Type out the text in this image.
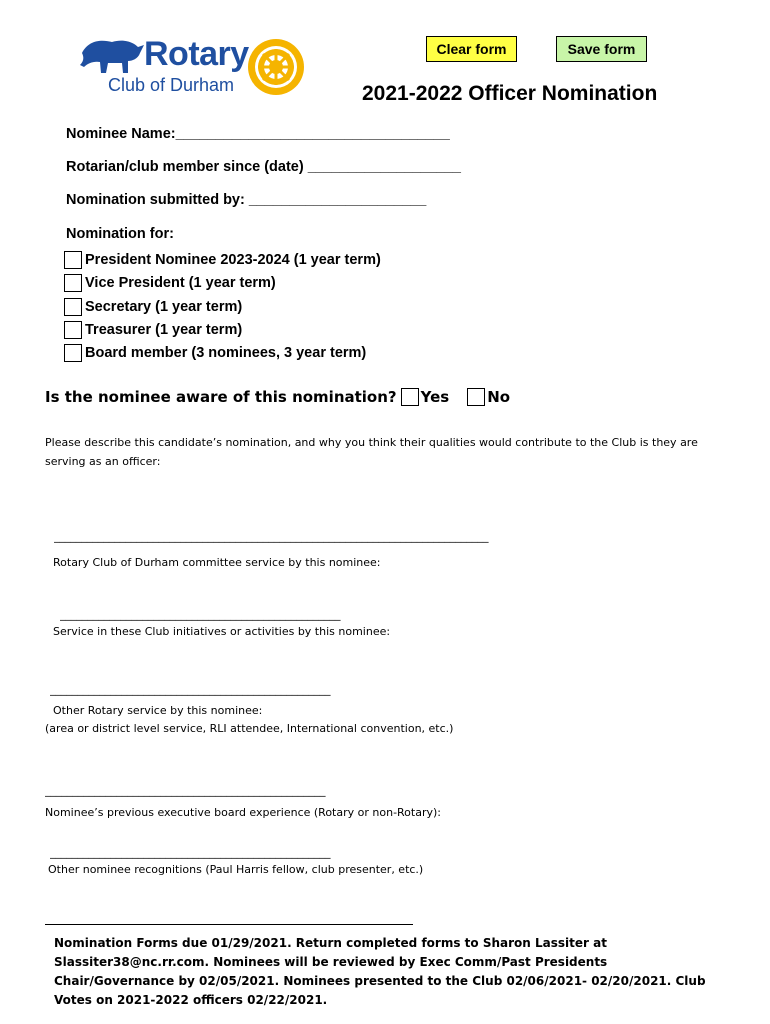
Rotary
Club of Durham
Clear form	Save form
2021-2022 Officer Nomination
Nominee Name:__________________________________
Rotarian/club member since (date) ___________________
Nomination submitted by: ______________________
Nomination for:
President Nominee 2023-2024 (1 year term)
Vice President (1 year term)
Secretary (1 year term)
Treasurer (1 year term)
Board member (3 nominees, 3 year term)
Is the nominee aware of this nomination? Yes	No
Please describe this candidate’s nomination, and why you think their qualities would contribute to the Club is they are serving as an officer:
_______________________________________________________________________________
Rotary Club of Durham committee service by this nominee:
___________________________________________________
Service in these Club initiatives or activities by this nominee:
___________________________________________________
Other Rotary service by this nominee:
(area or district level service, RLI attendee, International convention, etc.)
___________________________________________________
Nominee’s previous executive board experience (Rotary or non-Rotary):
___________________________________________________
Other nominee recognitions (Paul Harris fellow, club presenter, etc.)
Nomination Forms due 01/29/2021. Return completed forms to Sharon Lassiter at Slassiter38@nc.rr.com. Nominees will be reviewed by Exec Comm/Past Presidents Chair/Governance by 02/05/2021. Nominees presented to the Club 02/06/2021- 02/20/2021. Club Votes on 2021-2022 officers 02/22/2021.
